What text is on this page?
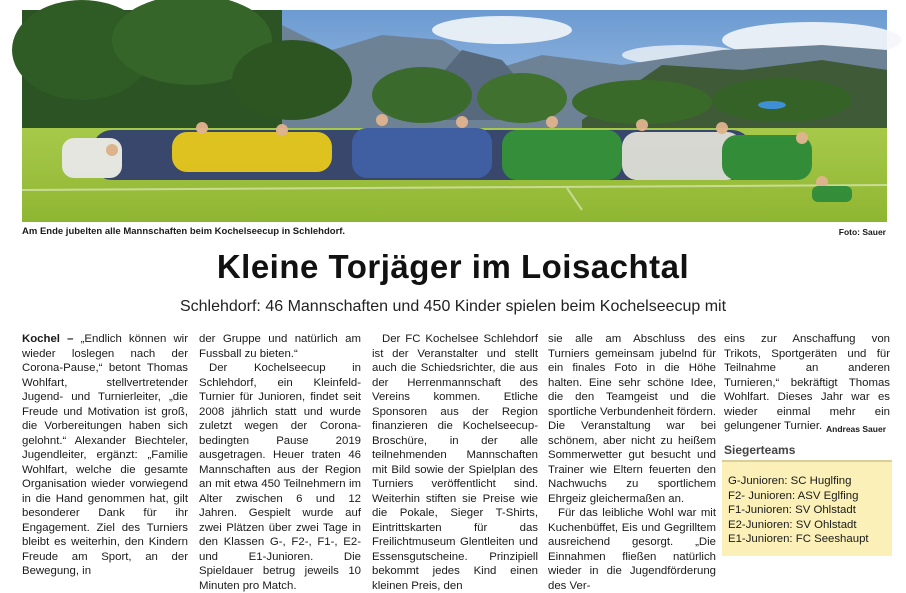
Am Ende jubelten alle Mannschaften beim Kochelseecup in Schlehdorf.	Foto: Sauer
Kleine Torjäger im Loisachtal
Schlehdorf: 46 Mannschaften und 450 Kinder spielen beim Kochelseecup mit

Kochel – „Endlich können wir wieder loslegen nach der Corona-Pause,“ betont Thomas Wohlfart, stellvertretender Jugend- und Turnierleiter, „die Freude und Motivation ist groß, die Vorbereitungen haben sich gelohnt.“ Alexander Biechteler, Jugendleiter, ergänzt: „Familie Wohlfart, welche die gesamte Organisation wieder vorwiegend in die Hand genommen hat, gilt besonderer Dank für ihr Engagement. Ziel des Turniers bleibt es weiterhin, den Kindern Freude am Sport, an der Bewegung, in

der Gruppe und natürlich am Fussball zu bieten.“

Der Kochelseecup in Schlehdorf, ein Kleinfeld-Turnier für Junioren, findet seit 2008 jährlich statt und wurde zuletzt wegen der Corona-bedingten Pause 2019 ausgetragen. Heuer traten 46 Mannschaften aus der Region an mit etwa 450 Teilnehmern im Alter zwischen 6 und 12 Jahren. Gespielt wurde auf zwei Plätzen über zwei Tage in den Klassen G-, F2-, F1-, E2- und E1-Junioren. Die Spieldauer betrug jeweils 10 Minuten pro Match.

Der FC Kochelsee Schlehdorf ist der Veranstalter und stellt auch die Schiedsrichter, die aus der Herrenmannschaft des Vereins kommen. Etliche Sponsoren aus der Region finanzieren die Kochelseecup-Broschüre, in der alle teilnehmenden Mannschaften mit Bild sowie der Spielplan des Turniers veröffentlicht sind. Weiterhin stiften sie Preise wie die Pokale, Sieger T-Shirts, Eintrittskarten für das Freilichtmuseum Glentleiten und Essensgutscheine. Prinzipiell bekommt jedes Kind einen kleinen Preis, den

sie alle am Abschluss des Turniers gemeinsam jubelnd für ein finales Foto in die Höhe halten. Eine sehr schöne Idee, die den Teamgeist und die sportliche Verbundenheit fördern. Die Veranstaltung war bei schönem, aber nicht zu heißem Sommerwetter gut besucht und Trainer wie Eltern feuerten den Nachwuchs zu sportlichem Ehrgeiz gleichermaßen an.

Für das leibliche Wohl war mit Kuchenbüffet, Eis und Gegrilltem ausreichend gesorgt. „Die Einnahmen fließen natürlich wieder in die Jugendförderung des Ver-

eins zur Anschaffung von Trikots, Sportgeräten und für Teilnahme an anderen Turnieren,“ bekräftigt Thomas Wohlfart. Dieses Jahr war es wieder einmal mehr ein gelungener Turnier. Andreas Sauer
Siegerteams
G-Junioren: SC Huglfing
F2- Junioren: ASV Eglfing
F1-Junioren: SV Ohlstadt
E2-Junioren: SV Ohlstadt
E1-Junioren: FC Seeshaupt
